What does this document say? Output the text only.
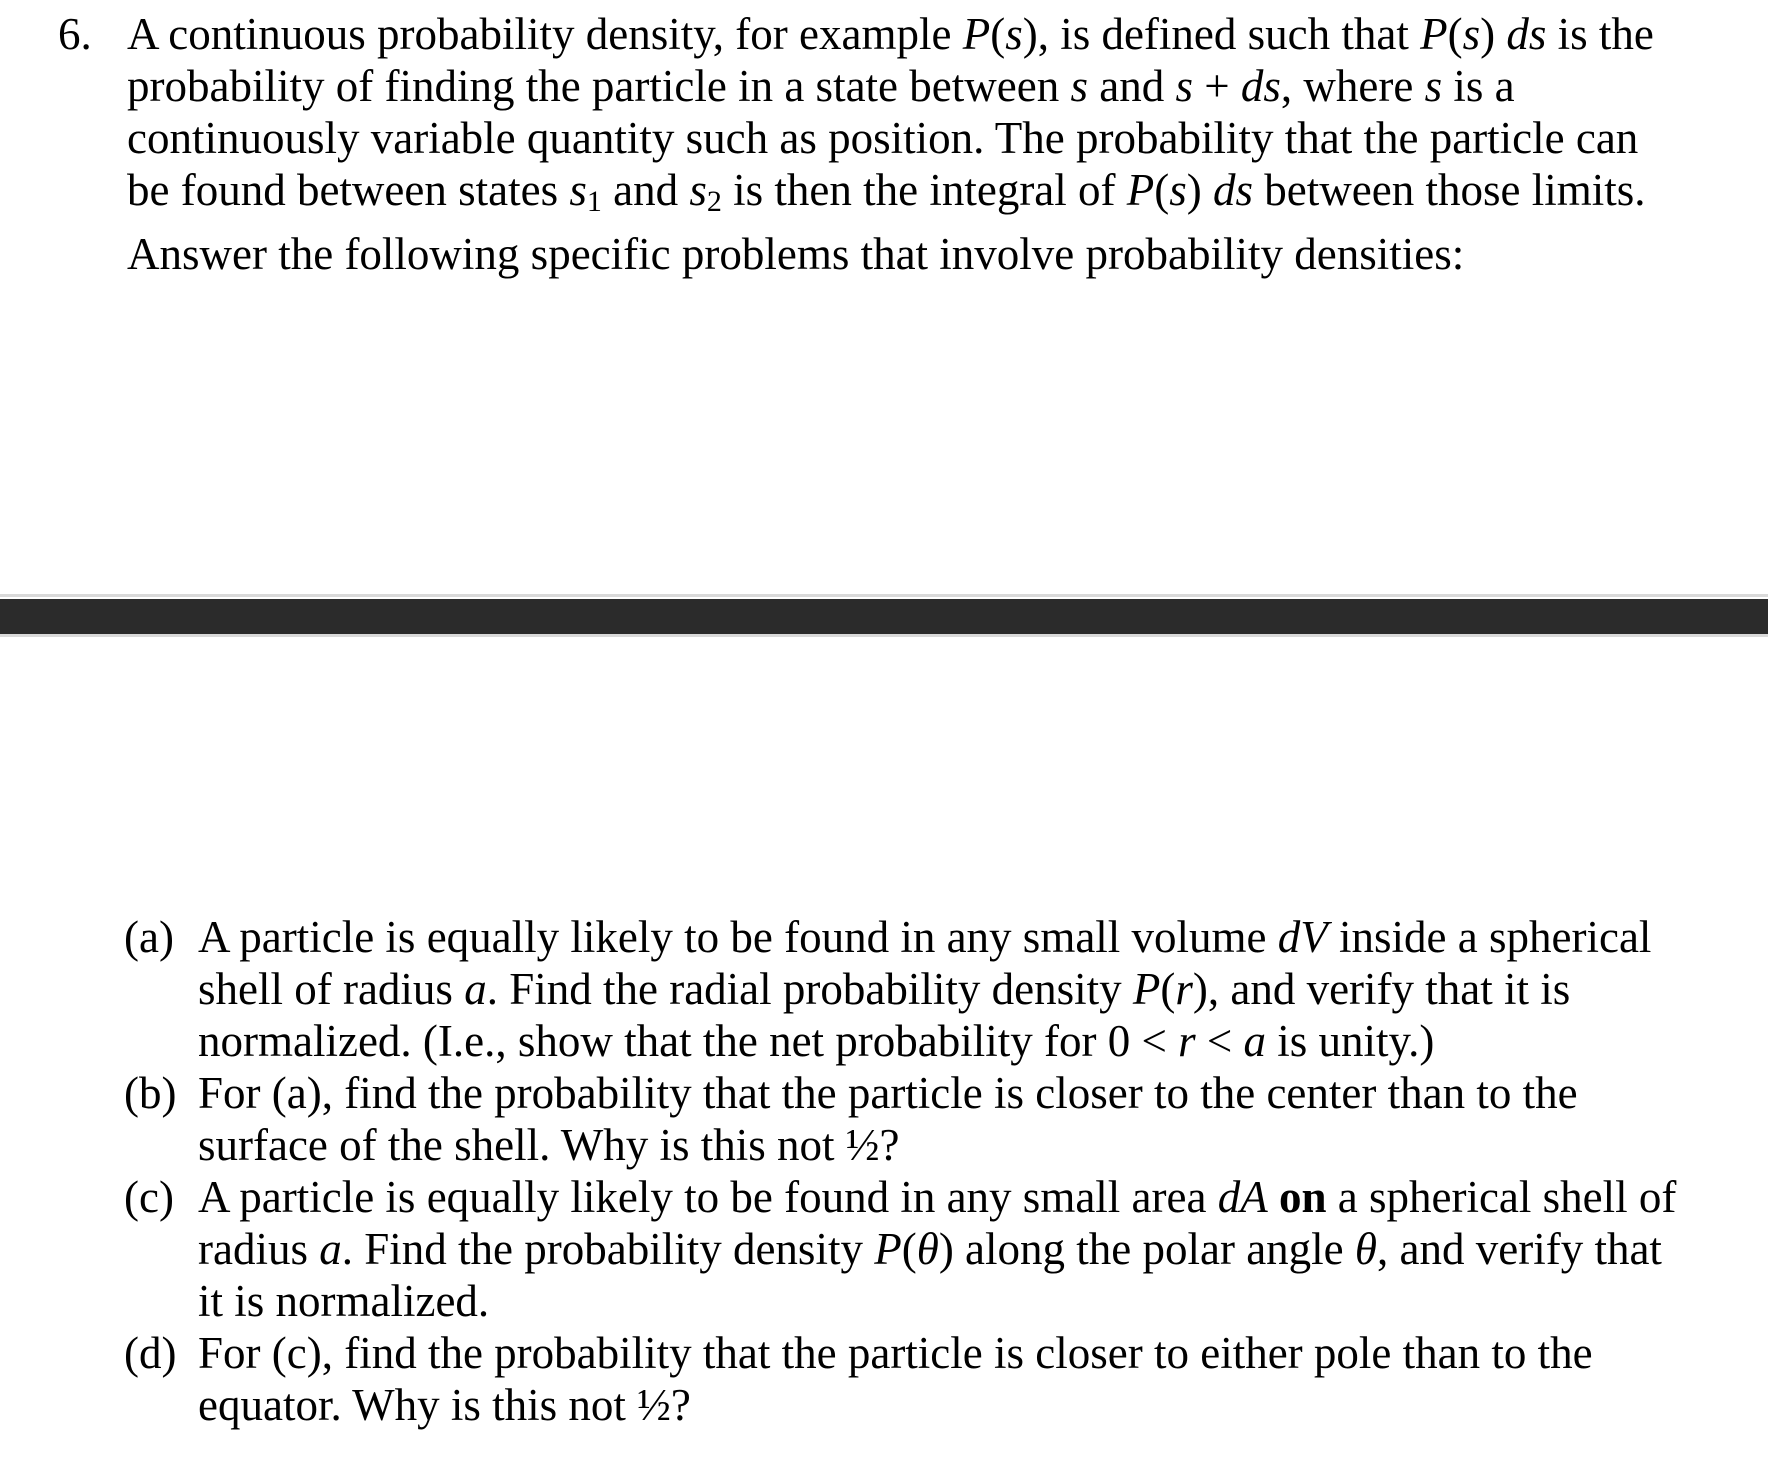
6. A continuous probability density, for example P(s), is defined such that P(s) ds is the
probability of finding the particle in a state between s and s + ds, where s is a
continuously variable quantity such as position. The probability that the particle can
be found between states $s_1$ and $s_2$ is then the integral of P(s) ds between those limits.
Answer the following specific problems that involve probability densities:
(a) A particle is equally likely to be found in any small volume dV inside a spherical
shell of radius a. Find the radial probability density P(r), and verify that it is
normalized. (I.e., show that the net probability for 0 < r < a is unity.)
(b) For (a), find the probability that the particle is closer to the center than to the
surface of the shell. Why is this not ½?
(c) A particle is equally likely to be found in any small area dA on a spherical shell of
radius a. Find the probability density P(θ) along the polar angle θ, and verify that
it is normalized.
(d) For (c), find the probability that the particle is closer to either pole than to the
equator. Why is this not ½?
